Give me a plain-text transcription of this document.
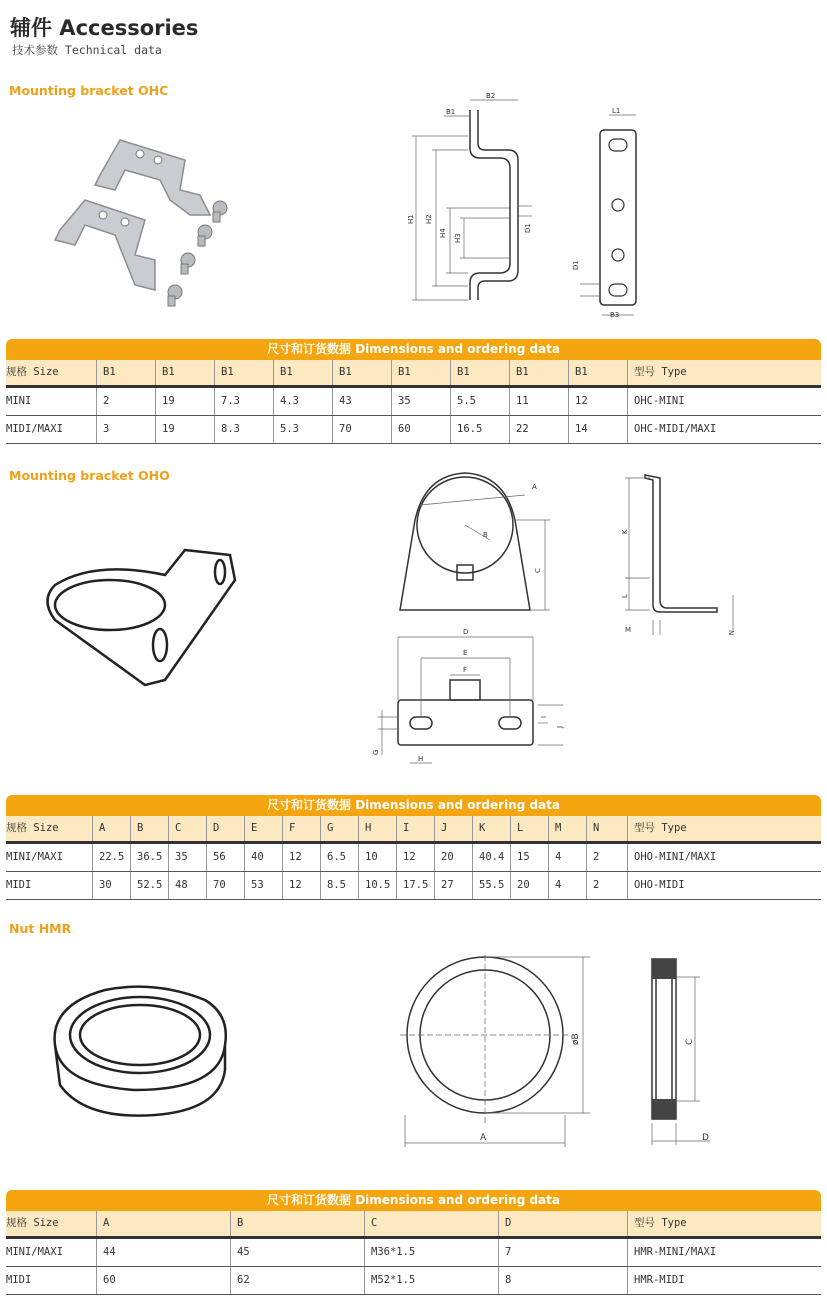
辅件 Accessories
技术参数 Technical data
Mounting bracket OHC
B1
B2
H1 H2
H4
H3
D1
L1
B3
D1
尺寸和订货数据 Dimensions and ordering data
规格 Size	B1	B1	B1	B1	B1	B1	B1	B1	B1	型号 Type
MINI	2	19	7.3	4.3	43	35	5.5	11	12	OHC-MINI
MIDI/MAXI	3	19	8.3	5.3	70	60	16.5	22	14	OHC-MIDI/MAXI
Mounting bracket OHO
A
B
C
K
L
M	N
D
E
F
I
J
G
H
尺寸和订货数据 Dimensions and ordering data
规格 Size	A	B	C	D	E	F	G	H	I	J	K	L	M	N	型号 Type
MINI/MAXI	22.5	36.5	35	56	40	12	6.5	10	12	20	40.4	15	4	2	OHO-MINI/MAXI
MIDI	30	52.5	48	70	53	12	8.5	10.5	17.5	27	55.5	20	4	2	OHO-MIDI
Nut HMR
øB
A
C
D
尺寸和订货数据 Dimensions and ordering data
规格 Size	A	B	C	D	型号 Type
MINI/MAXI	44	45	M36*1.5	7	HMR-MINI/MAXI
MIDI	60	62	M52*1.5	8	HMR-MIDI
